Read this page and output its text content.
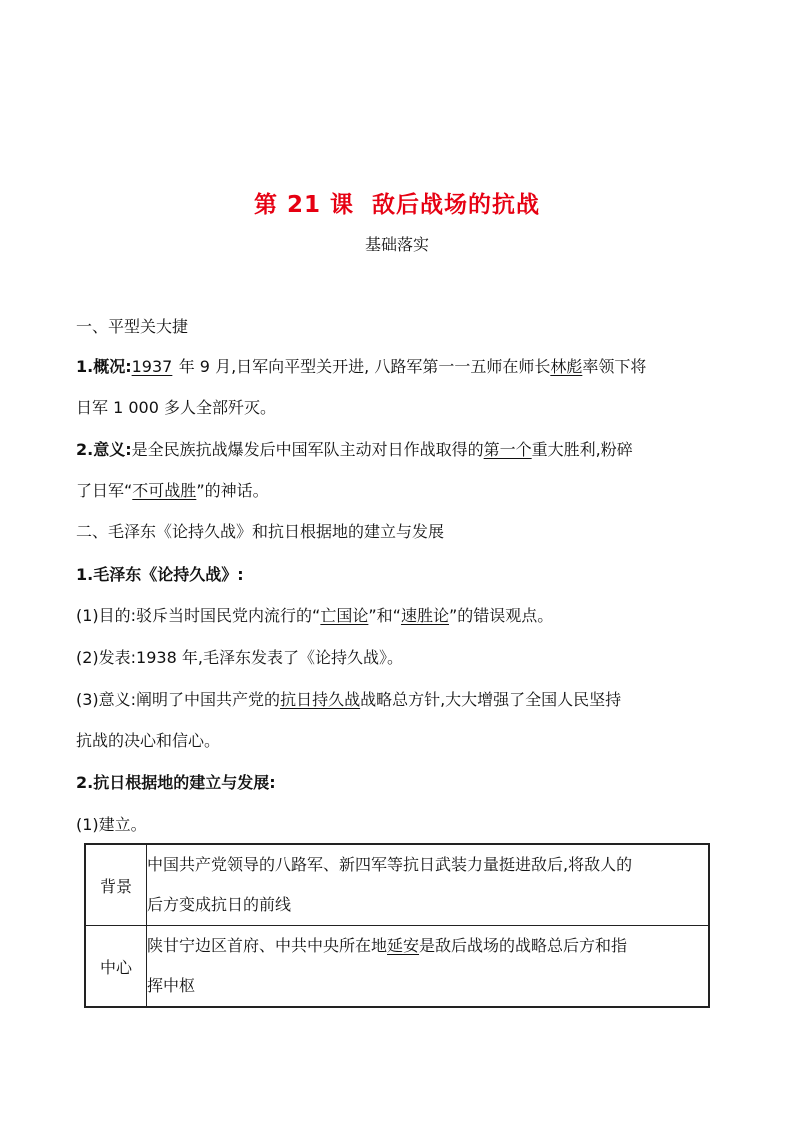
第 21 课 敌后战场的抗战
基础落实
一、平型关大捷
1.概况:1937 年 9 月,日军向平型关开进, 八路军第一一五师在师长林彪率领下将
日军 1 000 多人全部歼灭。
2.意义:是全民族抗战爆发后中国军队主动对日作战取得的第一个重大胜利,粉碎
了日军“不可战胜”的神话。
二、毛泽东《论持久战》和抗日根据地的建立与发展
1.毛泽东《论持久战》:
(1)目的:驳斥当时国民党内流行的“亡国论”和“速胜论”的错误观点。
(2)发表:1938 年,毛泽东发表了《论持久战》。
(3)意义:阐明了中国共产党的抗日持久战战略总方针,大大增强了全国人民坚持
抗战的决心和信心。
2.抗日根据地的建立与发展:
(1)建立。
背景	中国共产党领导的八路军、新四军等抗日武装力量挺进敌后,将敌人的
后方变成抗日的前线

中心	陕甘宁边区首府、中共中央所在地延安是敌后战场的战略总后方和指
挥中枢
